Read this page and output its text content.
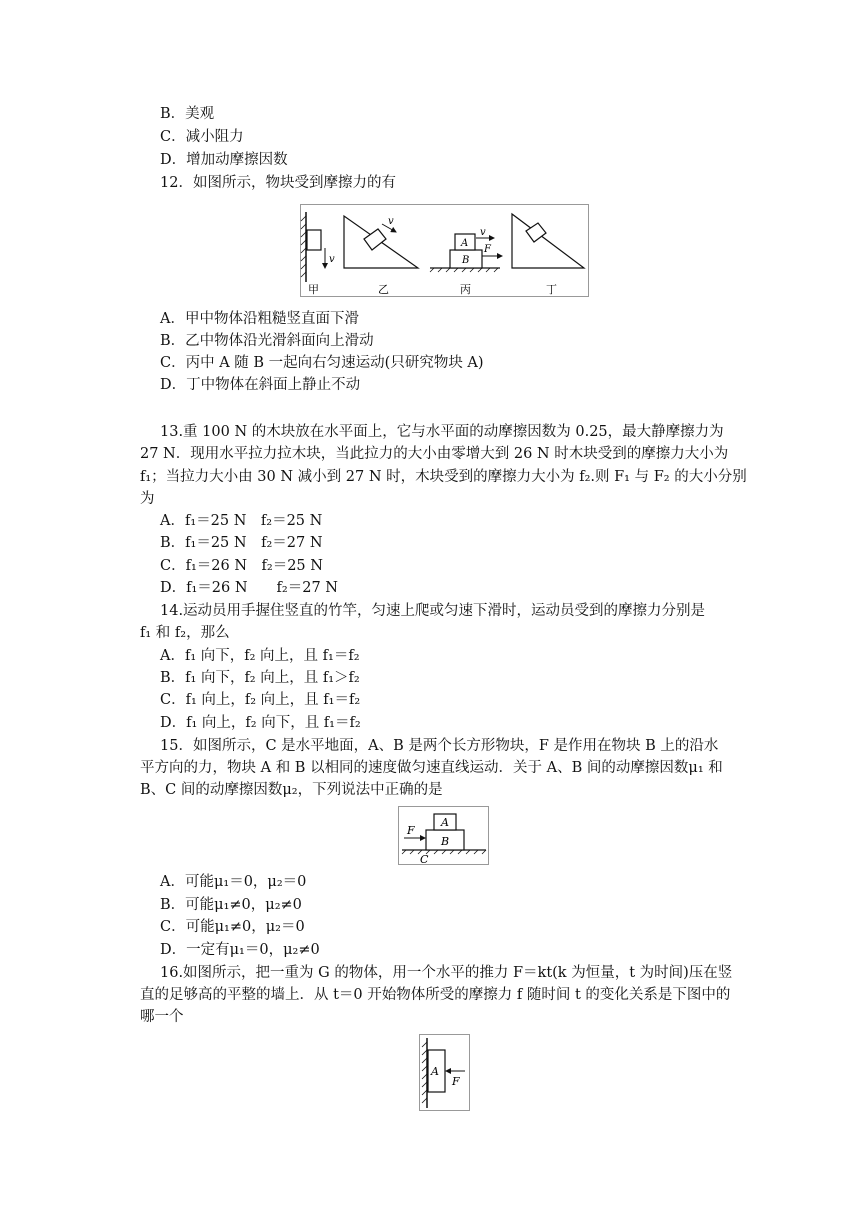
B．美观
C．减小阻力
D．增加动摩擦因数
12．如图所示，物块受到摩擦力的有
v
甲
v
乙
A
B
v
F
丙	丁
A．甲中物体沿粗糙竖直面下滑
B．乙中物体沿光滑斜面向上滑动
C．丙中 A 随 B 一起向右匀速运动(只研究物块 A)
D．丁中物体在斜面上静止不动
13.重 100 N 的木块放在水平面上，它与水平面的动摩擦因数为 0.25，最大静摩擦力为
27 N．现用水平拉力拉木块，当此拉力的大小由零增大到 26 N 时木块受到的摩擦力大小为
f₁；当拉力大小由 30 N 减小到 27 N 时，木块受到的摩擦力大小为 f₂.则 F₁ 与 F₂ 的大小分别
为
A．f₁＝25 N　f₂＝25 N
B．f₁＝25 N　f₂＝27 N
C．f₁＝26 N　f₂＝25 N
D．f₁＝26 N　　f₂＝27 N
14.运动员用手握住竖直的竹竿，匀速上爬或匀速下滑时，运动员受到的摩擦力分别是
f₁ 和 f₂，那么
A．f₁ 向下，f₂ 向上，且 f₁＝f₂
B．f₁ 向下，f₂ 向上，且 f₁＞f₂
C．f₁ 向上，f₂ 向上，且 f₁＝f₂
D．f₁ 向上，f₂ 向下，且 f₁＝f₂
15．如图所示，C 是水平地面，A、B 是两个长方形物块，F 是作用在物块 B 上的沿水
平方向的力，物块 A 和 B 以相同的速度做匀速直线运动．关于 A、B 间的动摩擦因数μ₁ 和
B、C 间的动摩擦因数μ₂，下列说法中正确的是
A
B
F
C
A．可能μ₁＝0，μ₂＝0
B．可能μ₁≠0，μ₂≠0
C．可能μ₁≠0，μ₂＝0
D．一定有μ₁＝0，μ₂≠0
16.如图所示，把一重为 G 的物体，用一个水平的推力 F＝kt(k 为恒量，t 为时间)压在竖
直的足够高的平整的墙上．从 t＝0 开始物体所受的摩擦力 f 随时间 t 的变化关系是下图中的
哪一个
A
F
